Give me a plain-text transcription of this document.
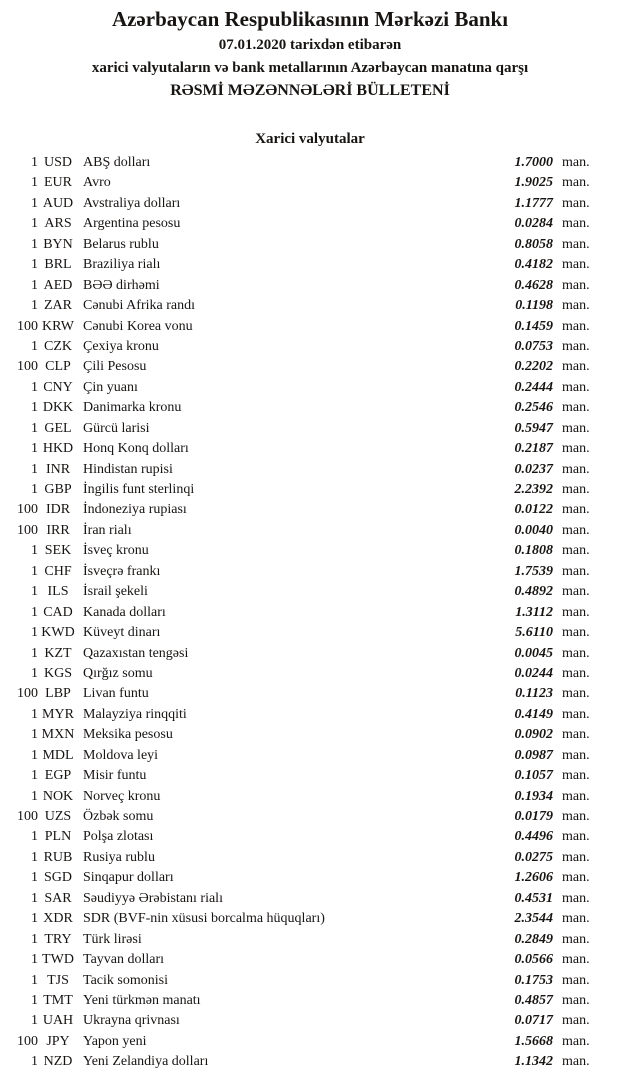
Azərbaycan Respublikasının Mərkəzi Bankı
07.01.2020 tarixdən etibarən
xarici valyutaların və bank metallarının Azərbaycan manatına qarşı
RƏSMİ MƏZƏNNƏLƏRİ BÜLLETENİ
Xarici valyutalar
1 USD ABŞ dolları	1.7000 man.
1 EUR Avro	1.9025 man.
1 AUD Avstraliya dolları	1.1777 man.
1 ARS Argentina pesosu	0.0284 man.
1 BYN Belarus rublu	0.8058 man.
1 BRL Braziliya rialı	0.4182 man.
1 AED BƏƏ dirhəmi	0.4628 man.
1 ZAR Cənubi Afrika randı	0.1198 man.
100 KRW Cənubi Korea vonu	0.1459 man.
1 CZK Çexiya kronu	0.0753 man.
100 CLP Çili Pesosu	0.2202 man.
1 CNY Çin yuanı	0.2444 man.
1 DKK Danimarka kronu	0.2546 man.
1 GEL Gürcü larisi	0.5947 man.
1 HKD Honq Konq dolları	0.2187 man.
1 INR Hindistan rupisi	0.0237 man.
1 GBP İngilis funt sterlinqi	2.2392 man.
100 IDR İndoneziya rupiası	0.0122 man.
100 IRR İran rialı	0.0040 man.
1 SEK İsveç kronu	0.1808 man.
1 CHF İsveçrə frankı	1.7539 man.
1 ILS	İsrail şekeli	0.4892 man.
1 CAD Kanada dolları	1.3112 man.
1 KWD Küveyt dinarı	5.6110 man.
1 KZT Qazaxıstan tengəsi	0.0045 man.
1 KGS Qırğız somu	0.0244 man.
100 LBP Livan funtu	0.1123 man.
1 MYR Malayziya rinqqiti	0.4149 man.
1 MXN Meksika pesosu	0.0902 man.
1 MDL Moldova leyi	0.0987 man.
1 EGP Misir funtu	0.1057 man.
1 NOK Norveç kronu	0.1934 man.
100 UZS Özbək somu	0.0179 man.
1 PLN Polşa zlotası	0.4496 man.
1 RUB Rusiya rublu	0.0275 man.
1 SGD Sinqapur dolları	1.2606 man.
1 SAR Səudiyyə Ərəbistanı rialı	0.4531 man.
1 XDR SDR (BVF-nin xüsusi borcalma hüquqları)	2.3544 man.
1 TRY Türk lirəsi	0.2849 man.
1 TWD Tayvan dolları	0.0566 man.
1 TJS	Tacik somonisi	0.1753 man.
1 TMT Yeni türkmən manatı	0.4857 man.
1 UAH Ukrayna qrivnası	0.0717 man.
100 JPY Yapon yeni	1.5668 man.
1 NZD Yeni Zelandiya dolları	1.1342 man.
